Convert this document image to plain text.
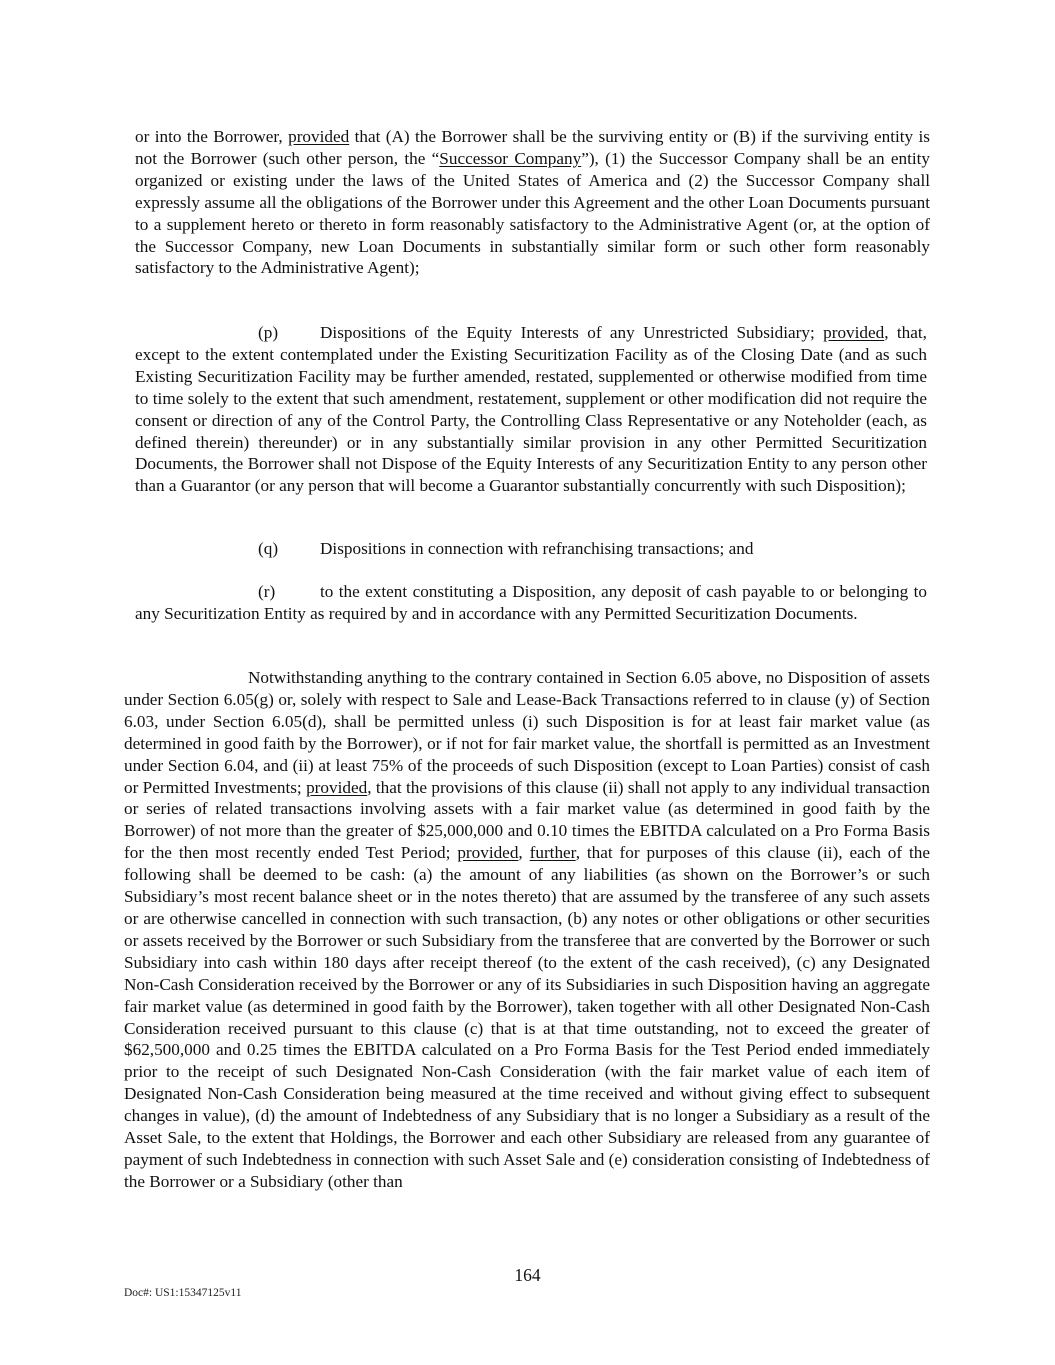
or into the Borrower, provided that (A) the Borrower shall be the surviving entity or (B) if the surviving entity is not the Borrower (such other person, the “Successor Company”), (1) the Successor Company shall be an entity organized or existing under the laws of the United States of America and (2) the Successor Company shall expressly assume all the obligations of the Borrower under this Agreement and the other Loan Documents pursuant to a supplement hereto or thereto in form reasonably satisfactory to the Administrative Agent (or, at the option of the Successor Company, new Loan Documents in substantially similar form or such other form reasonably satisfactory to the Administrative Agent);

(p) Dispositions of the Equity Interests of any Unrestricted Subsidiary; provided, that, except to the extent contemplated under the Existing Securitization Facility as of the Closing Date (and as such Existing Securitization Facility may be further amended, restated, supplemented or otherwise modified from time to time solely to the extent that such amendment, restatement, supplement or other modification did not require the consent or direction of any of the Control Party, the Controlling Class Representative or any Noteholder (each, as defined therein) thereunder) or in any substantially similar provision in any other Permitted Securitization Documents, the Borrower shall not Dispose of the Equity Interests of any Securitization Entity to any person other than a Guarantor (or any person that will become a Guarantor substantially concurrently with such Disposition);

(q) Dispositions in connection with refranchising transactions; and

(r)	to the extent constituting a Disposition, any deposit of cash payable to or belonging to any Securitization Entity as required by and in accordance with any Permitted Securitization Documents.

Notwithstanding anything to the contrary contained in Section 6.05 above, no Disposition of assets under Section 6.05(g) or, solely with respect to Sale and Lease-Back Transactions referred to in clause (y) of Section 6.03, under Section 6.05(d), shall be permitted unless (i) such Disposition is for at least fair market value (as determined in good faith by the Borrower), or if not for fair market value, the shortfall is permitted as an Investment under Section 6.04, and (ii) at least 75% of the proceeds of such Disposition (except to Loan Parties) consist of cash or Permitted Investments; provided, that the provisions of this clause (ii) shall not apply to any individual transaction or series of related transactions involving assets with a fair market value (as determined in good faith by the Borrower) of not more than the greater of $25,000,000 and 0.10 times the EBITDA calculated on a Pro Forma Basis for the then most recently ended Test Period; provided, further, that for purposes of this clause (ii), each of the following shall be deemed to be cash: (a) the amount of any liabilities (as shown on the Borrower’s or such Subsidiary’s most recent balance sheet or in the notes thereto) that are assumed by the transferee of any such assets or are otherwise cancelled in connection with such transaction, (b) any notes or other obligations or other securities or assets received by the Borrower or such Subsidiary from the transferee that are converted by the Borrower or such Subsidiary into cash within 180 days after receipt thereof (to the extent of the cash received), (c) any Designated Non-Cash Consideration received by the Borrower or any of its Subsidiaries in such Disposition having an aggregate fair market value (as determined in good faith by the Borrower), taken together with all other Designated Non-Cash Consideration received pursuant to this clause (c) that is at that time outstanding, not to exceed the greater of $62,500,000 and 0.25 times the EBITDA calculated on a Pro Forma Basis for the Test Period ended immediately prior to the receipt of such Designated Non-Cash Consideration (with the fair market value of each item of Designated Non-Cash Consideration being measured at the time received and without giving effect to subsequent changes in value), (d) the amount of Indebtedness of any Subsidiary that is no longer a Subsidiary as a result of the Asset Sale, to the extent that Holdings, the Borrower and each other Subsidiary are released from any guarantee of payment of such Indebtedness in connection with such Asset Sale and (e) consideration consisting of Indebtedness of the Borrower or a Subsidiary (other than

164
Doc#: US1:15347125v11
